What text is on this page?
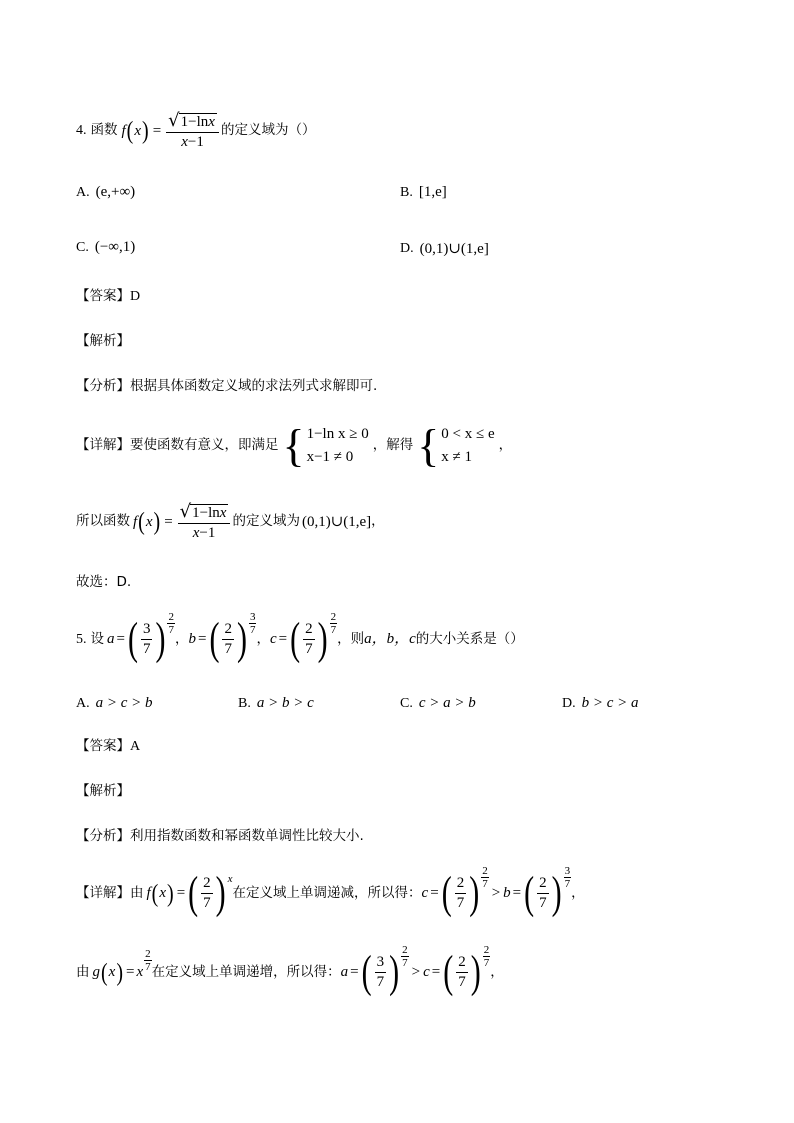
4. 函数 f ( x ) = $\frac{√ 1-\ln x}{x-1}$ 的定义域为（）
A. (e,+∞)	B. [1,e]
C. (−∞,1)	D. (0,1)∪(1,e]
【答案】 D
【解析】
【分析】 根据具体函数定义域的求法列式求解即可.
【详解】 要使函数有意义，即满足 { 1−ln x ≥ 0
x−1 ≠ 0
，解得 { 0 < x ≤ e
x ≠ 1
，
所以函数 f ( x ) = $\frac{√ 1-\ln x}{x-1}$ 的定义域为 (0,1)∪(1,e] ，
故选：D.
5. 设 a = ( $\frac{3}{7}$ ) $\frac{2}{7}$
， b = ( $\frac{2}{7}$ ) $\frac{3}{7}$
， c = ( $\frac{2}{7}$ ) $\frac{2}{7}$
，则 a，b，c 的大小关系是（）
A. a > c > b	B. a > b > c	C. c > a > b	D. b > c > a
【答案】 A
【解析】
【分析】 利用指数函数和幂函数单调性比较大小.
【详解】 由 f ( x ) = ( $\frac{2}{7}$ ) x
在定义域上单调递减，所以得： c = ( $\frac{2}{7}$ ) $\frac{2}{7}$
> b = ( $\frac{2}{7}$ ) $\frac{3}{7}$
，
由 g ( x ) = x $\frac{2}{7}$ 在定义域上单调递增，所以得： a = ( $\frac{3}{7}$ ) $\frac{2}{7}$
> c = ( $\frac{2}{7}$ ) $\frac{2}{7}$
，
